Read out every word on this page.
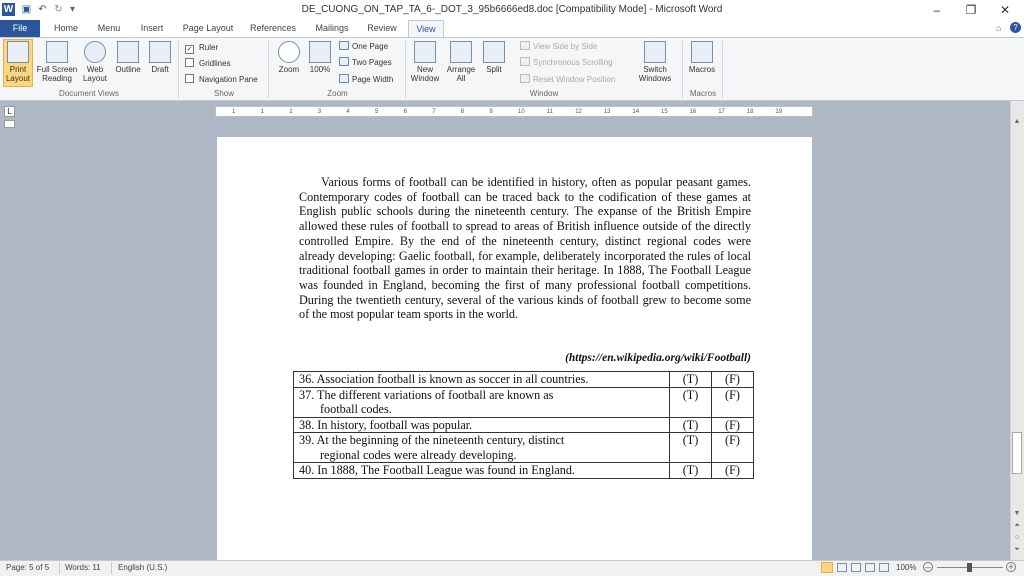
DE_CUONG_ON_TAP_TA_6-_DOT_3_95b6666ed8.doc [Compatibility Mode] - Microsoft Word
W ▣ ↶ ↻ ▾	–	❐	✕
File	Home	Menu	Insert	Page Layout	References	Mailings	Review	View	⌂	?
Print Layout
Full Screen Reading
Web Layout
Outline	Draft
Document Views
✓ Ruler
Gridlines
Navigation Pane
Show
Zoom	100%
One Page
Two Pages
Page Width
Zoom
New Window
Arrange All
Split
View Side by Side
Synchronous Scrolling
Reset Window Position
Switch Windows
Window
Macros
Macros
L	1	1	2	3	4	5	6	7	8	9	10	11	12	13	14	15	16	17	18	19
Various forms of football can be identified in history, often as popular peasant games. Contemporary codes of football can be traced back to the codification of these games at English public schools during the nineteenth century. The expanse of the British Empire allowed these rules of football to spread to areas of British influence outside of the directly controlled Empire. By the end of the nineteenth century, distinct regional codes were already developing: Gaelic football, for example, deliberately incorporated the rules of local traditional football games in order to maintain their heritage. In 1888, The Football League was founded in England, becoming the first of many professional football competitions. During the twentieth century, several of the various kinds of football grew to become some of the most popular team sports in the world.
(https://en.wikipedia.org/wiki/Football)
36. Association football is known as soccer in all countries.	(T)	(F)
37. The different variations of football are known as
football codes.	(T)	(F)
38. In history, football was popular.	(T)	(F)
39. At the beginning of the nineteenth century, distinct
regional codes were already developing.	(T)	(F)
40. In 1888, The Football League was found in England.	(T)	(F)
▲
▼
⏶
○
⏷
Page: 5 of 5 Words: 11 English (U.S.)	100% –	+
